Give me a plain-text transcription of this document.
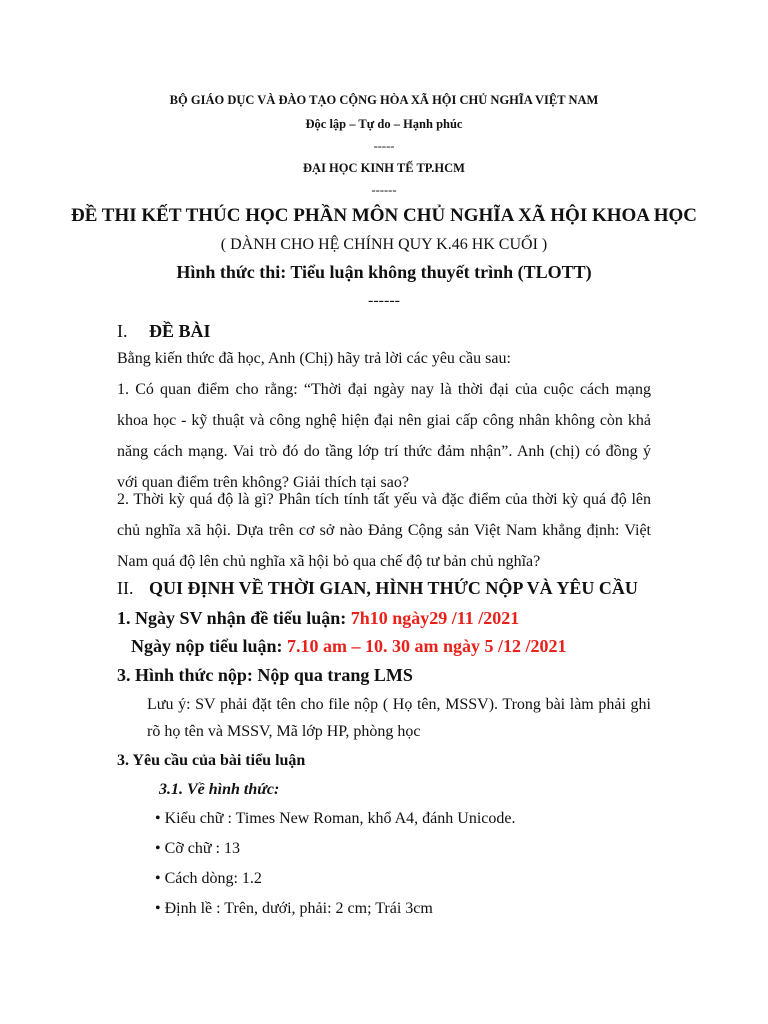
BỘ GIÁO DỤC VÀ ĐÀO TẠO CỘNG HÒA XÃ HỘI CHỦ NGHĨA VIỆT NAM
Độc lập – Tự do – Hạnh phúc
-----
ĐẠI HỌC KINH TẾ TP.HCM
------
ĐỀ THI KẾT THÚC HỌC PHẦN MÔN CHỦ NGHĨA XÃ HỘI KHOA HỌC
( DÀNH CHO HỆ CHÍNH QUY K.46 HK CUỐI )
Hình thức thi: Tiểu luận không thuyết trình (TLOTT)
------
I. ĐỀ BÀI
Bằng kiến thức đã học, Anh (Chị) hãy trả lời các yêu cầu sau:
1. Có quan điểm cho rằng: “Thời đại ngày nay là thời đại của cuộc cách mạng khoa học - kỹ thuật và công nghệ hiện đại nên giai cấp công nhân không còn khả năng cách mạng. Vai trò đó do tầng lớp trí thức đảm nhận”. Anh (chị) có đồng ý với quan điểm trên không? Giải thích tại sao?
2. Thời kỳ quá độ là gì? Phân tích tính tất yếu và đặc điểm của thời kỳ quá độ lên chủ nghĩa xã hội. Dựa trên cơ sở nào Đảng Cộng sản Việt Nam khẳng định: Việt Nam quá độ lên chủ nghĩa xã hội bỏ qua chế độ tư bản chủ nghĩa?
II. QUI ĐỊNH VỀ THỜI GIAN, HÌNH THỨC NỘP VÀ YÊU CẦU
1. Ngày SV nhận đề tiểu luận: 7h10 ngày29 /11 /2021
Ngày nộp tiểu luận: 7.10 am – 10. 30 am ngày 5 /12 /2021
3. Hình thức nộp: Nộp qua trang LMS
Lưu ý: SV phải đặt tên cho file nộp ( Họ tên, MSSV). Trong bài làm phải ghi rõ họ tên và MSSV, Mã lớp HP, phòng học
3. Yêu cầu của bài tiểu luận
3.1. Về hình thức:
• Kiểu chữ : Times New Roman, khổ A4, đánh Unicode.
• Cỡ chữ : 13
• Cách dòng: 1.2
• Định lề : Trên, dưới, phải: 2 cm; Trái 3cm
